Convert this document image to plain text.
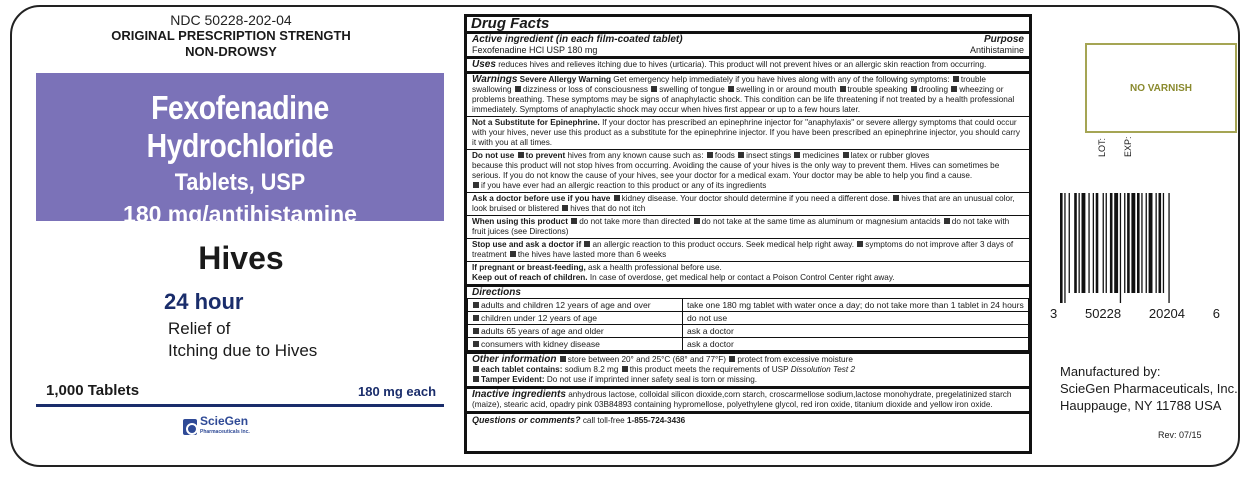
NDC 50228-202-04
ORIGINAL PRESCRIPTION STRENGTH
NON-DROWSY
Fexofenadine Hydrochloride
Tablets, USP
180 mg/antihistamine
Hives
24 hour
Relief of
Itching due to Hives
1,000 Tablets	180 mg each
ScieGen
Pharmaceuticals Inc.
Drug Facts
Active ingredient (in each film-coated tablet)	Purpose
Fexofenadine HCl USP 180 mg	Antihistamine
Uses reduces hives and relieves itching due to hives (urticaria). This product will not prevent hives or an allergic skin reaction from occurring.
Warnings Severe Allergy Warning Get emergency help immediately if you have hives along with any of the following symptoms: trouble swallowing dizziness or loss of consciousness swelling of tongue swelling in or around mouth trouble speaking drooling wheezing or problems breathing. These symptoms may be signs of anaphylactic shock. This condition can be life threatening if not treated by a health professional immediately. Symptoms of anaphylactic shock may occur when hives first appear or up to a few hours later.
Not a Substitute for Epinephrine. If your doctor has prescribed an epinephrine injector for "anaphylaxis" or severe allergy symptoms that could occur with your hives, never use this product as a substitute for the epinephrine injector. If you have been prescribed an epinephrine injector, you should carry it with you at all times.
Do not use to prevent hives from any known cause such as: foods insect stings medicines latex or rubber gloves
because this product will not stop hives from occurring. Avoiding the cause of your hives is the only way to prevent them. Hives can sometimes be serious. If you do not know the cause of your hives, see your doctor for a medical exam. Your doctor may be able to help you find a cause.
if you have ever had an allergic reaction to this product or any of its ingredients
Ask a doctor before use if you have kidney disease. Your doctor should determine if you need a different dose. hives that are an unusual color, look bruised or blistered hives that do not itch
When using this product do not take more than directed do not take at the same time as aluminum or magnesium antacids do not take with fruit juices (see Directions)
Stop use and ask a doctor if an allergic reaction to this product occurs. Seek medical help right away. symptoms do not improve after 3 days of treatment the hives have lasted more than 6 weeks
If pregnant or breast-feeding, ask a health professional before use.
Keep out of reach of children. In case of overdose, get medical help or contact a Poison Control Center right away.
Directions
adults and children 12 years of age and over	take one 180 mg tablet with water once a day; do not take more than 1 tablet in 24 hours
children under 12 years of age	do not use
adults 65 years of age and older	ask a doctor
consumers with kidney disease	ask a doctor
Other information store between 20° and 25°C (68° and 77°F) protect from excessive moisture
each tablet contains: sodium 8.2 mg this product meets the requirements of USP Dissolution Test 2
Tamper Evident: Do not use if imprinted inner safety seal is torn or missing.
Inactive ingredients anhydrous lactose, colloidal silicon dioxide,corn starch, croscarmellose sodium,lactose monohydrate, pregelatinized starch (maize), stearic acid, opadry pink 03B84893 containing hypromellose, polyethylene glycol, red iron oxide, titanium dioxide and yellow iron oxide.
Questions or comments? call toll-free 1-855-724-3436
NO VARNISH
LOT: EXP:
3 50228 20204 6
Manufactured by:
ScieGen Pharmaceuticals, Inc.
Hauppauge, NY 11788 USA
Rev: 07/15
